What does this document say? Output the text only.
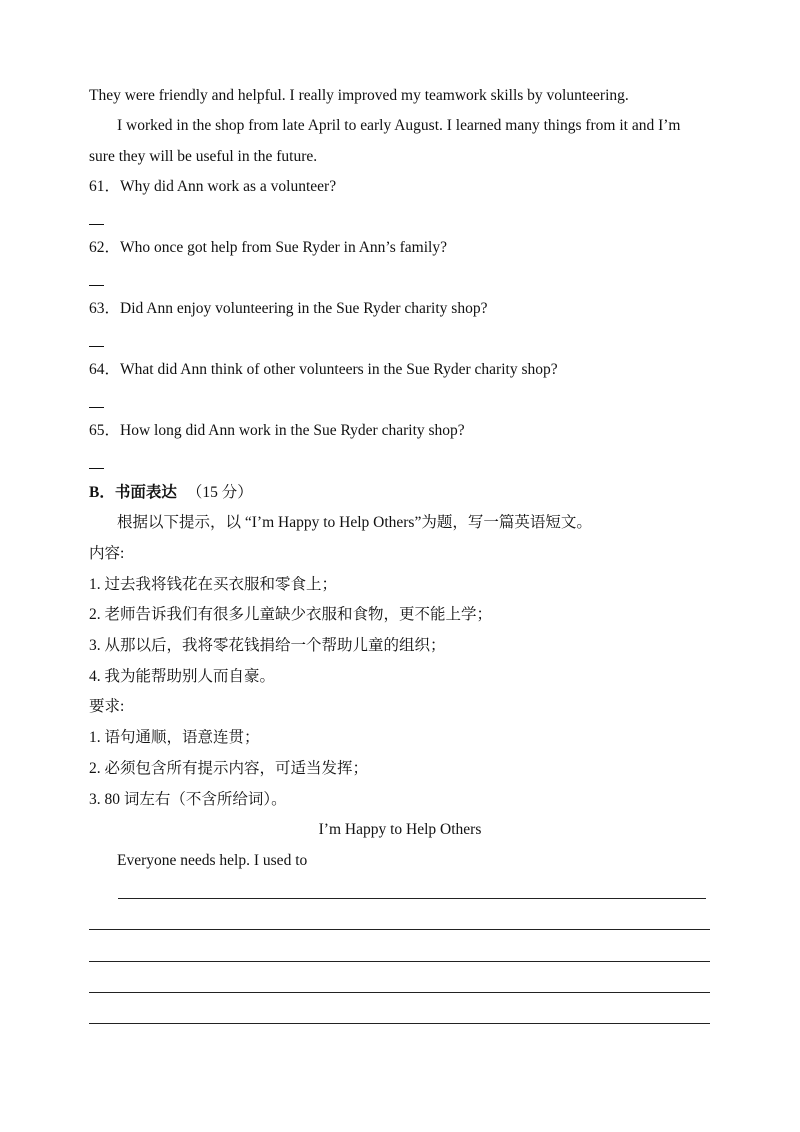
They were friendly and helpful. I really improved my teamwork skills by volunteering.
I worked in the shop from late April to early August. I learned many things from it and I’m
sure they will be useful in the future.
61．Why did Ann work as a volunteer?
62．Who once got help from Sue Ryder in Ann’s family?
63．Did Ann enjoy volunteering in the Sue Ryder charity shop?
64．What did Ann think of other volunteers in the Sue Ryder charity shop?
65．How long did Ann work in the Sue Ryder charity shop?
B．书面表达 （15 分）
根据以下提示，以 “I’m Happy to Help Others”为题，写一篇英语短文。
内容:
1. 过去我将钱花在买衣服和零食上；
2. 老师告诉我们有很多儿童缺少衣服和食物，更不能上学；
3. 从那以后，我将零花钱捐给一个帮助儿童的组织；
4. 我为能帮助别人而自豪。
要求:
1. 语句通顺，语意连贯；
2. 必须包含所有提示内容，可适当发挥；
3. 80 词左右（不含所给词）。
I’m Happy to Help Others
Everyone needs help. I used to
